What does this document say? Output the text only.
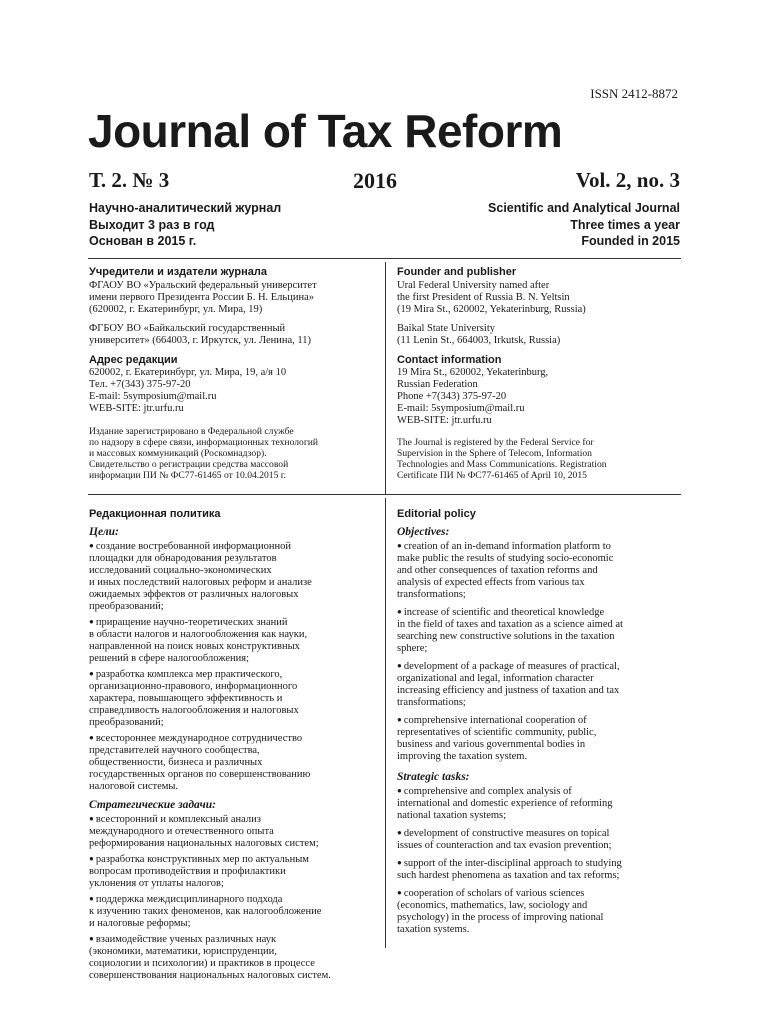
ISSN 2412-8872
Journal of Tax Reform
Т. 2. № 3	2016	Vol. 2, no. 3
Научно-аналитический журнал
Выходит 3 раз в год
Основан в 2015 г.
Scientific and Analytical Journal
Three times a year
Founded in 2015
Учредители и издатели журнала
ФГАОУ ВО «Уральский федеральный университет
имени первого Президента России Б. Н. Ельцина»
(620002, г. Екатеринбург, ул. Мира, 19)
ФГБОУ ВО «Байкальский государственный
университет» (664003, г. Иркутск, ул. Ленина, 11)
Founder and publisher
Ural Federal University named after
the first President of Russia B. N. Yeltsin
(19 Mira St., 620002, Yekaterinburg, Russia)
Baikal State University
(11 Lenin St., 664003, Irkutsk, Russia)
Адрес редакции
620002, г. Екатеринбург, ул. Мира, 19, а/я 10
Тел. +7(343) 375-97-20
E-mail: 5symposium@mail.ru
WEB-SITE: jtr.urfu.ru
Contact information
19 Mira St., 620002, Yekaterinburg,
Russian Federation
Phone +7(343) 375-97-20
E-mail: 5symposium@mail.ru
WEB-SITE: jtr.urfu.ru
Издание зарегистрировано в Федеральной службе
по надзору в сфере связи, информационных технологий
и массовых коммуникаций (Роскомнадзор).
Свидетельство о регистрации средства массовой
информации ПИ № ФС77-61465 от 10.04.2015 г.
The Journal is registered by the Federal Service for
Supervision in the Sphere of Telecom, Information
Technologies and Mass Communications. Registration
Certificate ПИ № ФС77-61465 of April 10, 2015
Редакционная политика
Цели:
● создание востребованной информационной
площадки для обнародования результатов
исследований социально-экономических
и иных последствий налоговых реформ и анализе
ожидаемых эффектов от различных налоговых
преобразований;
● приращение научно-теоретических знаний
в области налогов и налогообложения как науки,
направленной на поиск новых конструктивных
решений в сфере налогообложения;
● разработка комплекса мер практического,
организационно-правового, информационного
характера, повышающего эффективность и
справедливость налогообложения и налоговых
преобразований;
● всестороннее международное сотрудничество
представителей научного сообщества,
общественности, бизнеса и различных
государственных органов по совершенствованию
налоговой системы.
Стратегические задачи:
● всесторонний и комплексный анализ
международного и отечественного опыта
реформирования национальных налоговых систем;
● разработка конструктивных мер по актуальным
вопросам противодействия и профилактики
уклонения от уплаты налогов;
● поддержка междисциплинарного подхода
к изучению таких феноменов, как налогообложение
и налоговые реформы;
● взаимодействие ученых различных наук
(экономики, математики, юриспруденции,
социологии и психологии) и практиков в процессе
совершенствования национальных налоговых систем.
Editorial policy
Objectives:
● creation of an in-demand information platform to
make public the results of studying socio-economic
and other consequences of taxation reforms and
analysis of expected effects from various tax
transformations;
● increase of scientific and theoretical knowledge
in the field of taxes and taxation as a science aimed at
searching new constructive solutions in the taxation
sphere;
● development of a package of measures of practical,
organizational and legal, information character
increasing efficiency and justness of taxation and tax
transformations;
● comprehensive international cooperation of
representatives of scientific community, public,
business and various governmental bodies in
improving the taxation system.
Strategic tasks:
● comprehensive and complex analysis of
international and domestic experience of reforming
national taxation systems;
● development of constructive measures on topical
issues of counteraction and tax evasion prevention;
● support of the inter-disciplinal approach to studying
such hardest phenomena as taxation and tax reforms;
● cooperation of scholars of various sciences
(economics, mathematics, law, sociology and
psychology) in the process of improving national
taxation systems.
